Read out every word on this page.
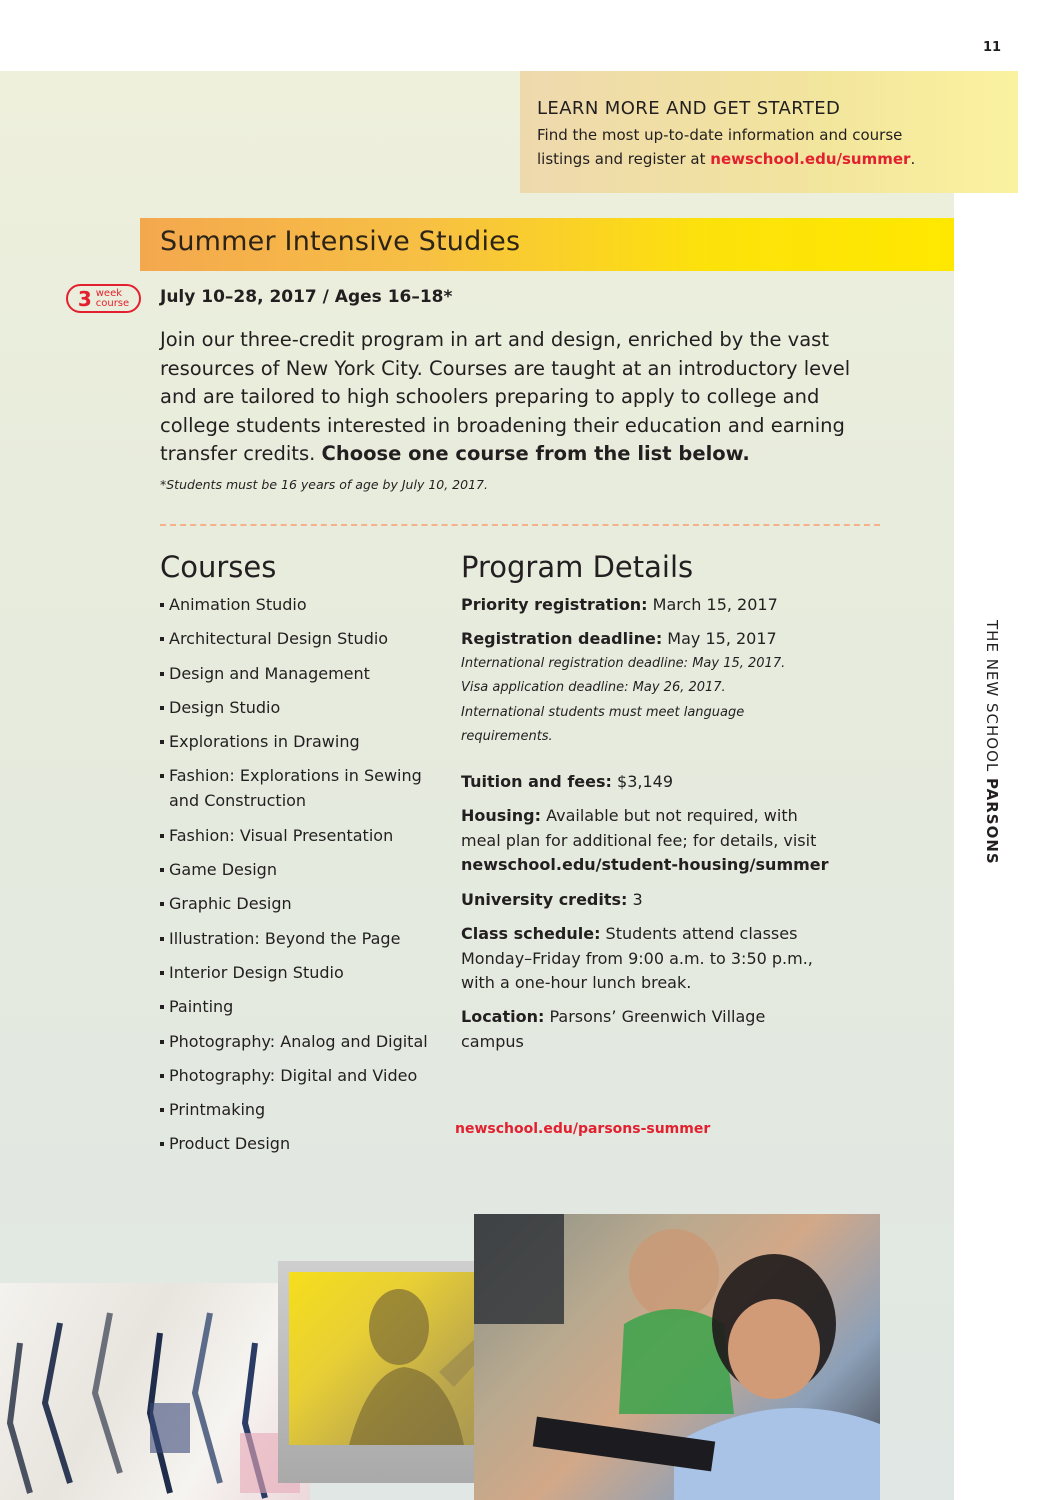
11
LEARN MORE AND GET STARTED
Find the most up-to-date information and course listings and register at newschool.edu/summer.
Summer Intensive Studies
3 week
course July 10–28, 2017 / Ages 16–18*
Join our three-credit program in art and design, enriched by the vast resources of New York City. Courses are taught at an introductory level and are tailored to high schoolers preparing to apply to college and college students interested in broadening their education and earning transfer credits. Choose one course from the list below.
*Students must be 16 years of age by July 10, 2017.
Courses
Animation Studio
Architectural Design Studio
Design and Management
Design Studio
Explorations in Drawing
Fashion: Explorations in Sewing and Construction
Fashion: Visual Presentation
Game Design
Graphic Design
Illustration: Beyond the Page
Interior Design Studio
Painting
Photography: Analog and Digital
Photography: Digital and Video
Printmaking
Product Design
Program Details
Priority registration: March 15, 2017
Registration deadline: May 15, 2017
International registration deadline: May 15, 2017.
Visa application deadline: May 26, 2017.
International students must meet language requirements.
Tuition and fees: $3,149
Housing: Available but not required, with meal plan for additional fee; for details, visit newschool.edu/student-housing/summer
University credits: 3
Class schedule: Students attend classes Monday–Friday from 9:00 a.m. to 3:50 p.m., with a one-hour lunch break.
Location: Parsons’ Greenwich Village campus
newschool.edu/parsons-summer
THE NEW SCHOOL PARSONS
